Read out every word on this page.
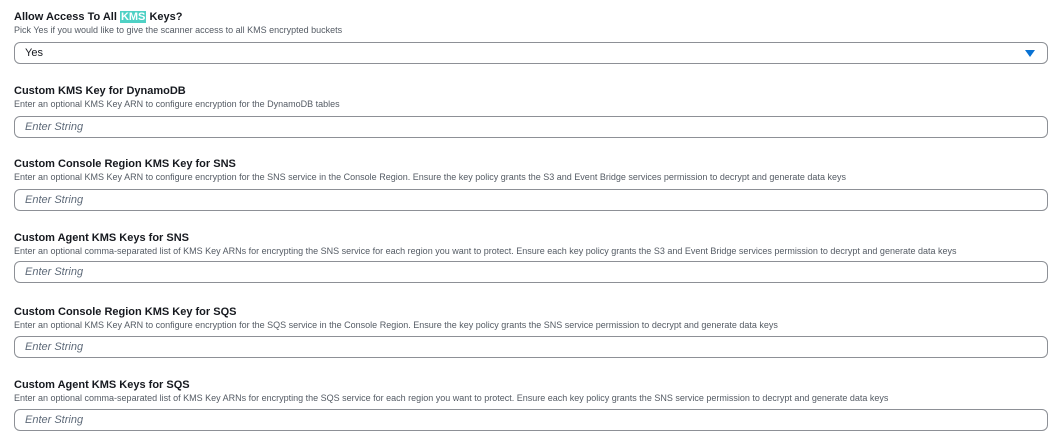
Allow Access To All KMS Keys?
Pick Yes if you would like to give the scanner access to all KMS encrypted buckets
Yes
Custom KMS Key for DynamoDB
Enter an optional KMS Key ARN to configure encryption for the DynamoDB tables
Enter String
Custom Console Region KMS Key for SNS
Enter an optional KMS Key ARN to configure encryption for the SNS service in the Console Region. Ensure the key policy grants the S3 and Event Bridge services permission to decrypt and generate data keys
Enter String
Custom Agent KMS Keys for SNS
Enter an optional comma-separated list of KMS Key ARNs for encrypting the SNS service for each region you want to protect. Ensure each key policy grants the S3 and Event Bridge services permission to decrypt and generate data keys
Enter String
Custom Console Region KMS Key for SQS
Enter an optional KMS Key ARN to configure encryption for the SQS service in the Console Region. Ensure the key policy grants the SNS service permission to decrypt and generate data keys
Enter String
Custom Agent KMS Keys for SQS
Enter an optional comma-separated list of KMS Key ARNs for encrypting the SQS service for each region you want to protect. Ensure each key policy grants the SNS service permission to decrypt and generate data keys
Enter String
